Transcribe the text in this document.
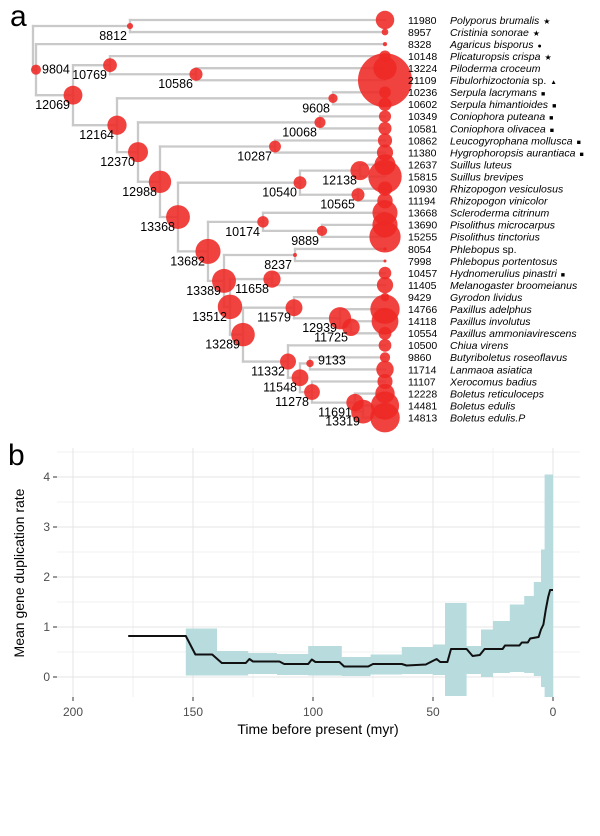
a
b
8812
10586
10769
9608
10068
10287
12138
10565
10540
9889
10174
8237
11658
11725
12939
11579
9133
13319
11691
11278
11548
11332
13289
13512
13389
13682
13368
12988
12370
12164
12069
9804
11980 Polyporus brumalis ★
8957 Cristinia sonorae ★
8328 Agaricus bisporus ●
10148 Plicaturopsis crispa ★
13224 Piloderma croceum
21109 Fibulorhizoctonia sp. ▲
10236 Serpula lacrymans ■
10602 Serpula himantioides ■
10349 Coniophora puteana ■
10581 Coniophora olivacea ■
10862 Leucogyrophana mollusca ■
11380 Hygrophoropsis aurantiaca ■
12637 Suillus luteus
15815 Suillus brevipes
10930 Rhizopogon vesiculosus
11194 Rhizopogon vinicolor
13668 Scleroderma citrinum
13690 Pisolithus microcarpus
15255 Pisolithus tinctorius
8054 Phlebopus sp.
7998 Phlebopus portentosus
10457 Hydnomerulius pinastri ■
11405 Melanogaster broomeianus
9429 Gyrodon lividus
14766 Paxillus adelphus
14118 Paxillus involutus
10554 Paxillus ammoniavirescens
10500 Chiua virens
9860 Butyriboletus roseoflavus
11714 Lanmaoa asiatica
11107 Xerocomus badius
12228 Boletus reticuloceps
14481 Boletus edulis
14813 Boletus edulis.P
200	150	100	50	0
0
1
2
3
4
Time before present (myr)
Mean gene duplication rate
